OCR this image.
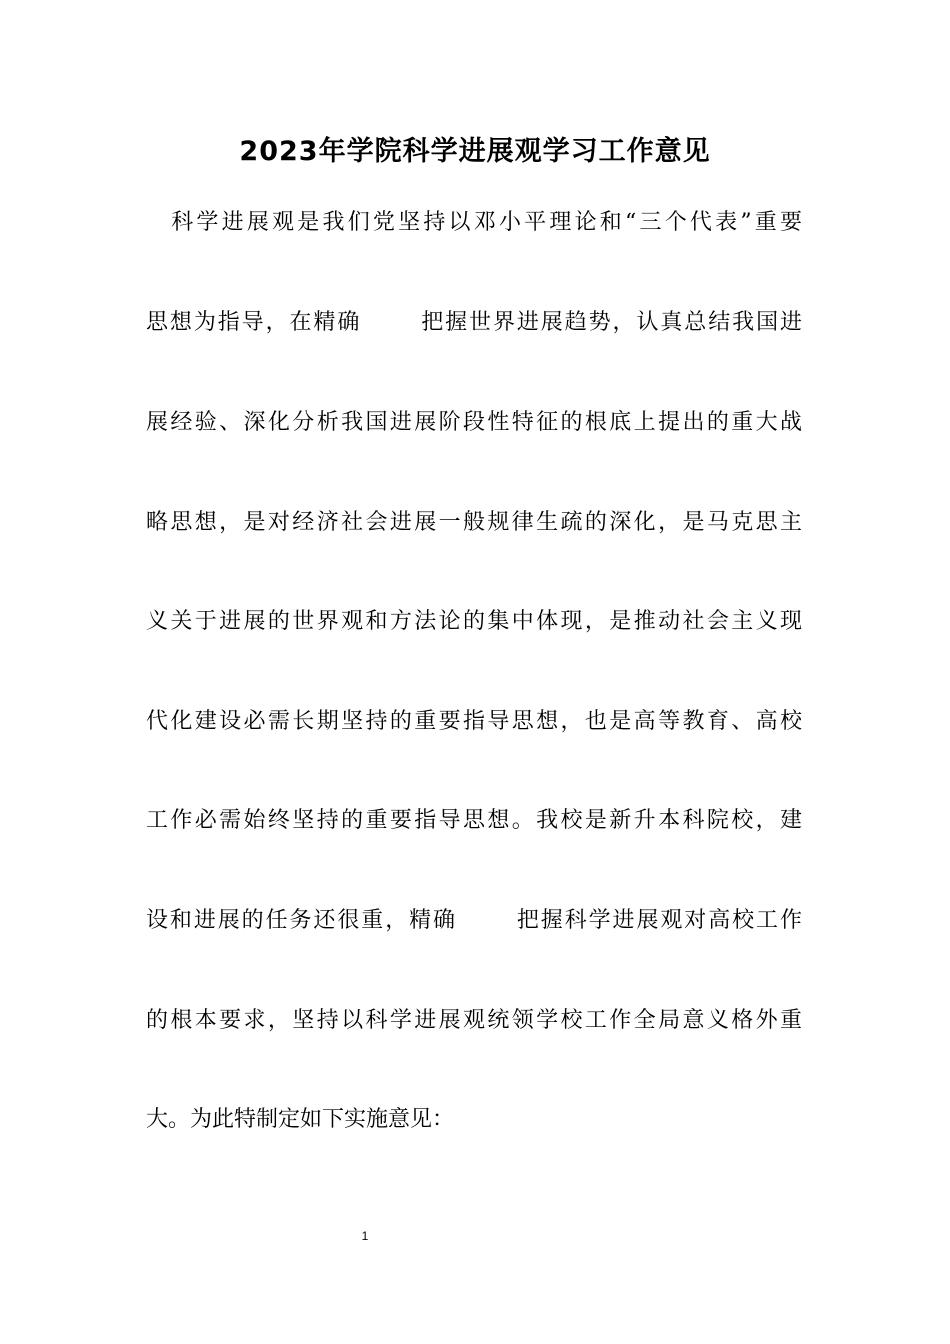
2023年学院科学进展观学习工作意见
　科学进展观是我们党坚持以邓小平理论和“三个代表”重要
思想为指导，在精确	把握世界进展趋势，认真总结我国进
展经验、深化分析我国进展阶段性特征的根底上提出的重大战
略思想，是对经济社会进展一般规律生疏的深化，是马克思主
义关于进展的世界观和方法论的集中体现，是推动社会主义现
代化建设必需长期坚持的重要指导思想，也是高等教育、高校
工作必需始终坚持的重要指导思想。我校是新升本科院校，建
设和进展的任务还很重，精确	把握科学进展观对高校工作
的根本要求，坚持以科学进展观统领学校工作全局意义格外重
大。为此特制定如下实施意见：
1
